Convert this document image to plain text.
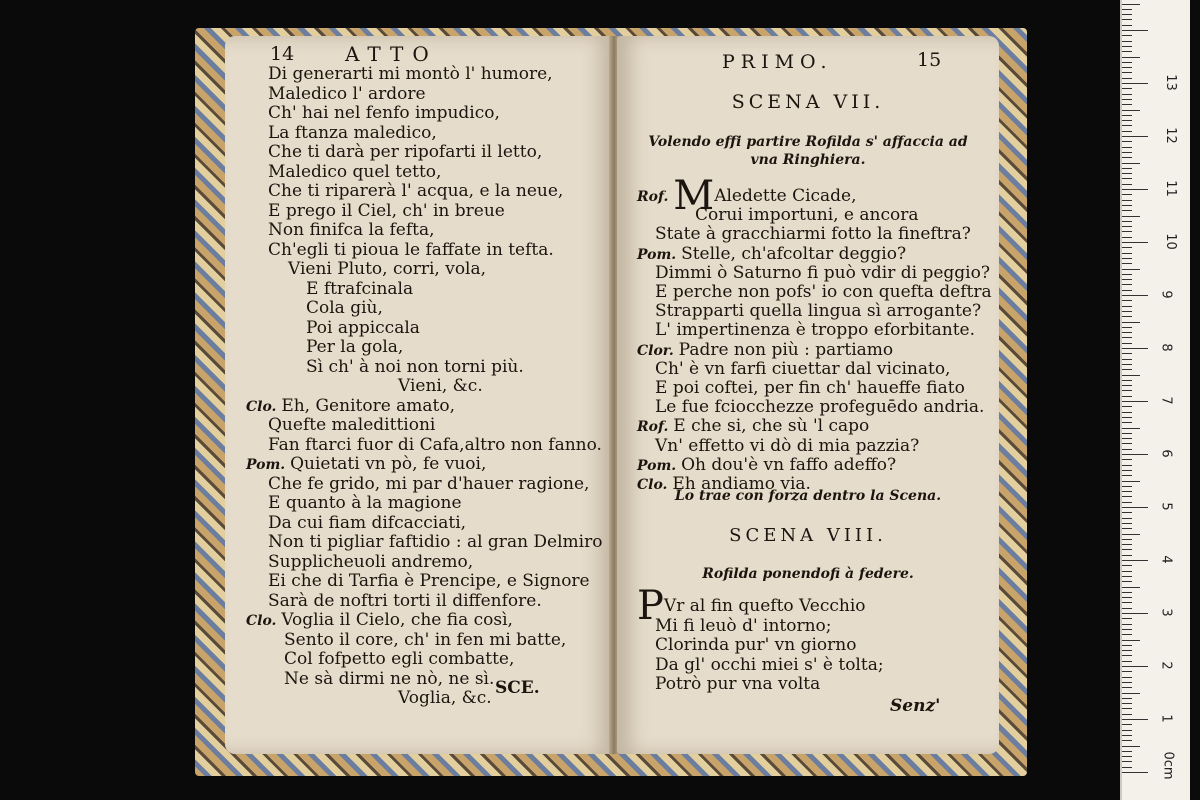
14	ATTO
Di generarti mi montò l' humore,
Maledico l' ardore
Ch' hai nel fenfo impudico,
La ftanza maledico,
Che ti darà per ripofarti il letto,
Maledico quel tetto,
Che ti riparerà l' acqua, e la neue,
E prego il Ciel, ch' in breue
Non finifca la fefta,
Ch'egli ti pioua le faffate in tefta.
Vieni Pluto, corri, vola,
E ftrafcinala
Cola giù,
Poi appiccala
Per la gola,
Sì ch' à noi non torni più.
Vieni, &c.
Clo. Eh, Genitore amato,
Quefte maledittioni
Fan ftarci fuor di Cafa,altro non fanno.
Pom. Quietati vn pò, fe vuoi,
Che fe grido, mi par d'hauer ragione,
E quanto à la magione
Da cui fiam difcacciati,
Non ti pigliar faftidio : al gran Delmiro
Supplicheuoli andremo,
Ei che di Tarfia è Prencipe, e Signore
Sarà de noftri torti il diffenfore.
Clo. Voglia il Cielo, che fia così,
Sento il core, ch' in fen mi batte,
Col fofpetto egli combatte,
Ne sà dirmi ne nò, ne sì.
Voglia, &c. SCE.
PRIMO.	15
SCENA VII.
Volendo effi partire Rofilda s' affaccia ad
vna Ringhiera.
Rof. MAledette Cicade,
Corui importuni, e ancora
State à gracchiarmi fotto la fineftra?
Pom. Stelle, ch'afcoltar deggio?
Dimmi ò Saturno fi può vdir di peggio?
E perche non pofs' io con quefta deftra
Strapparti quella lingua sì arrogante?
L' impertinenza è troppo eforbitante.
Clor. Padre non più : partiamo
Ch' è vn farfi ciuettar dal vicinato,
E poi coftei, per fin ch' haueffe fiato
Le fue fciocchezze profeguēdo andria.
Rof. E che si, che sù 'l capo
Vn' effetto vi dò di mia pazzia?
Pom. Oh dou'è vn faffo adeffo?
Clo. Eh andiamo via.
Lo trae con forza dentro la Scena.
SCENA VIII.
Rofilda ponendofi à federe.
PVr al fin quefto Vecchio
Mi fi leuò d' intorno;
Clorinda pur' vn giorno
Da gl' occhi miei s' è tolta;
Potrò pur vna volta
Senz'
1
2
3
4
5
6
7
8
9
10
11
12
13
0cm
